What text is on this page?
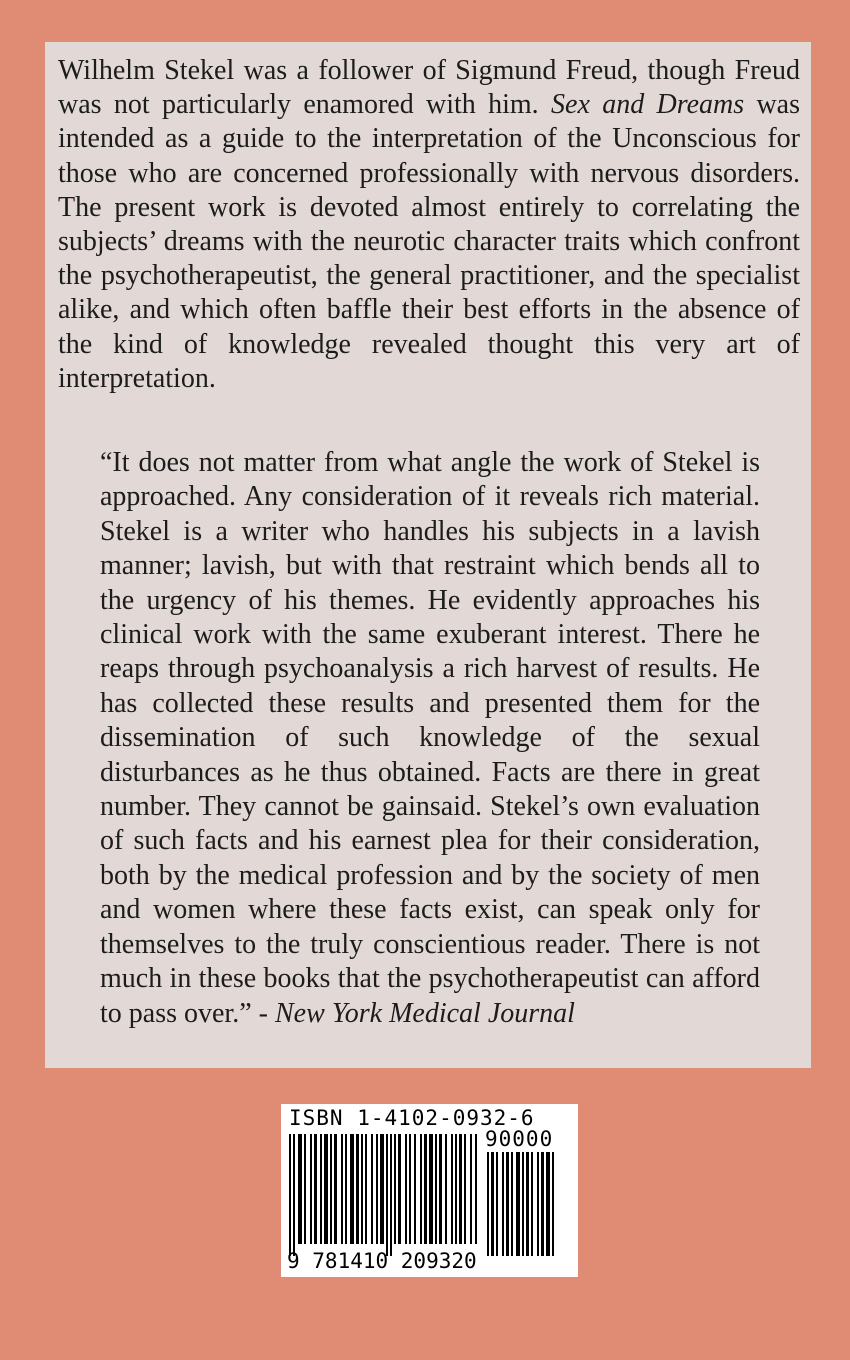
Wilhelm Stekel was a follower of Sigmund Freud, though Freud was not particularly enamored with him. Sex and Dreams was intended as a guide to the interpretation of the Unconscious for those who are concerned professionally with nervous disorders. The present work is devoted almost entirely to correlating the subjects’ dreams with the neurotic character traits which confront the psychotherapeutist, the general practitioner, and the specialist alike, and which often baffle their best efforts in the absence of the kind of knowledge revealed thought this very art of interpretation.

“It does not matter from what angle the work of Stekel is approached. Any consideration of it reveals rich material. Stekel is a writer who handles his subjects in a lavish manner; lavish, but with that restraint which bends all to the urgency of his themes. He evidently approaches his clinical work with the same exuberant interest. There he reaps through psychoanalysis a rich harvest of results. He has collected these results and presented them for the dissemination of such knowledge of the sexual disturbances as he thus obtained. Facts are there in great number. They cannot be gainsaid. Stekel’s own evaluation of such facts and his earnest plea for their consideration, both by the medical profession and by the society of men and women where these facts exist, can speak only for themselves to the truly conscientious reader. There is not much in these books that the psychotherapeutist can afford to pass over.” - New York Medical Journal

ISBN 1-4102-0932-6
90000
9 781410 209320
